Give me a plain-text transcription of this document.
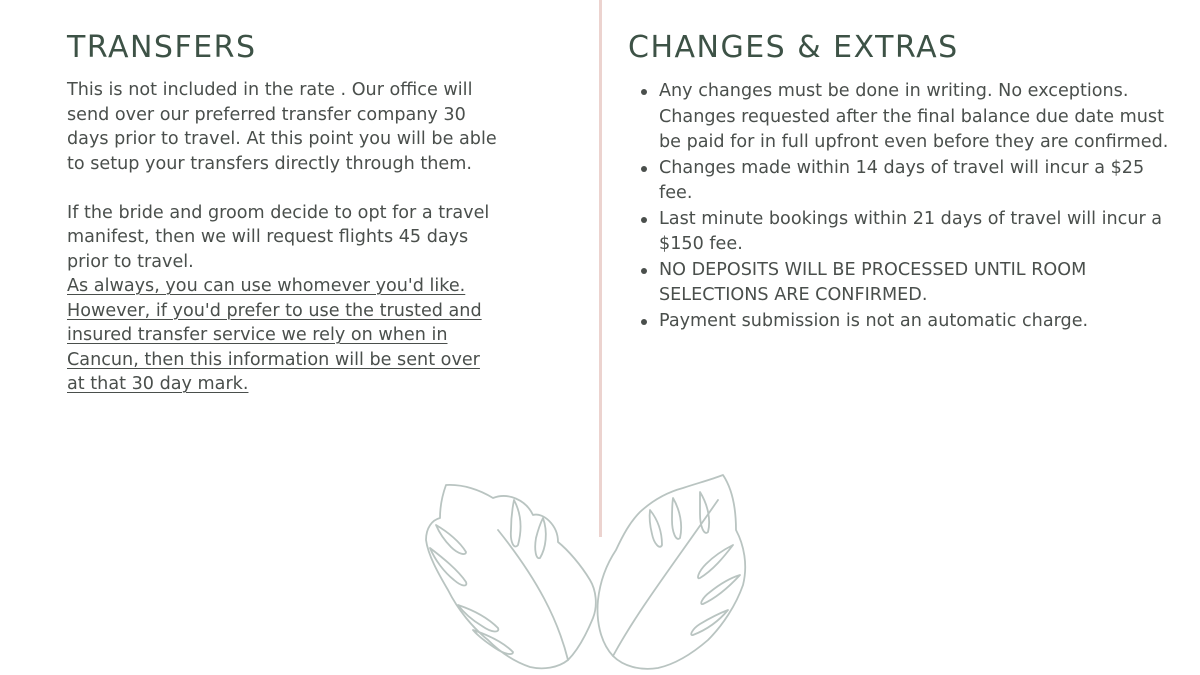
TRANSFERS

This is not included in the rate . Our office will send over our preferred transfer company 30 days prior to travel. At this point you will be able to setup your transfers directly through them.

If the bride and groom decide to opt for a travel manifest, then we will request flights 45 days prior to travel.

As always, you can use whomever you'd like. However, if you'd prefer to use the trusted and insured transfer service we rely on when in Cancun, then this information will be sent over at that 30 day mark.

CHANGES & EXTRAS
Any changes must be done in writing. No exceptions. Changes requested after the final balance due date must be paid for in full upfront even before they are confirmed.
Changes made within 14 days of travel will incur a $25 fee.
Last minute bookings within 21 days of travel will incur a $150 fee.
NO DEPOSITS WILL BE PROCESSED UNTIL ROOM SELECTIONS ARE CONFIRMED.
Payment submission is not an automatic charge.
